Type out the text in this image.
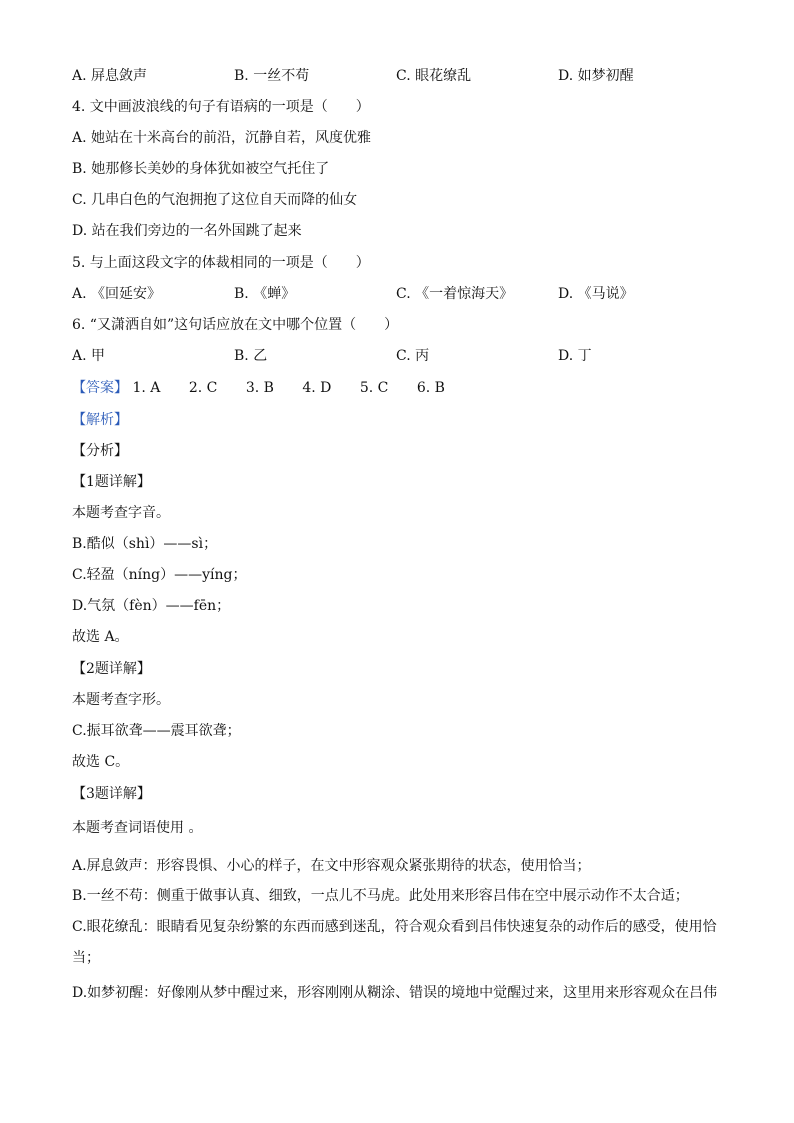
A. 屏息敛声	B. 一丝不苟	C. 眼花缭乱	D. 如梦初醒
4. 文中画波浪线的句子有语病的一项是（　　）
A. 她站在十米高台的前沿，沉静自若，风度优雅
B. 她那修长美妙的身体犹如被空气托住了
C. 几串白色的气泡拥抱了这位自天而降的仙女
D. 站在我们旁边的一名外国跳了起来
5. 与上面这段文字的体裁相同的一项是（　　）
A. 《回延安》	B. 《蝉》	C. 《一着惊海天》	D. 《马说》
6. “又潇洒自如”这句话应放在文中哪个位置（　　）
A. 甲	B. 乙	C. 丙	D. 丁
【答案】 1. A 2. C 3. B 4. D 5. C 6. B
【解析】
【分析】
【1题详解】
本题考查字音。
B.酷似（shì）——sì；
C.轻盈（níng）——yíng；
D.气氛（fèn）——fēn；
故选 A。
【2题详解】
本题考查字形。
C.振耳欲聋——震耳欲聋；
故选 C。
【3题详解】
本题考查词语使用 。
A.屏息敛声：形容畏惧、小心的样子，在文中形容观众紧张期待的状态，使用恰当；
B.一丝不苟：侧重于做事认真、细致，一点儿不马虎。此处用来形容吕伟在空中展示动作不太合适；
C.眼花缭乱：眼睛看见复杂纷繁的东西而感到迷乱，符合观众看到吕伟快速复杂的动作后的感受，使用恰
当；
D.如梦初醒：好像刚从梦中醒过来，形容刚刚从糊涂、错误的境地中觉醒过来，这里用来形容观众在吕伟
